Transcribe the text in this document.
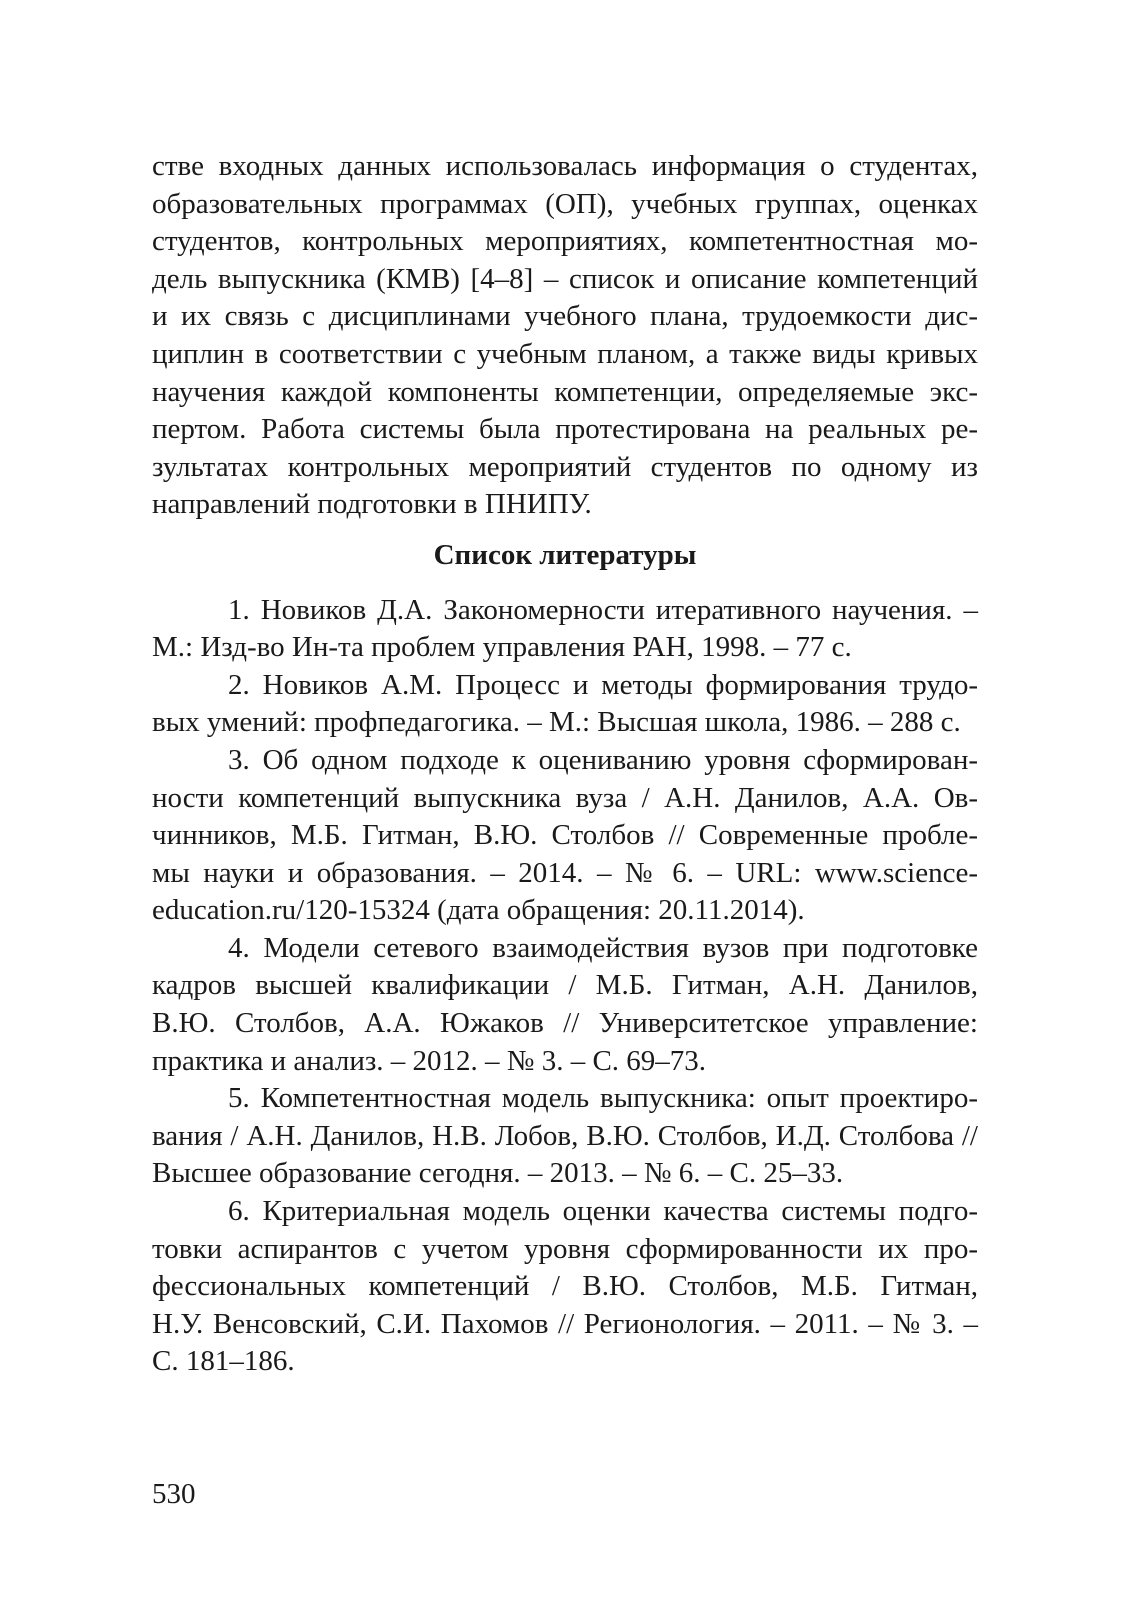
стве входных данных использовалась информация о студентах,
образовательных программах (ОП), учебных группах, оценках
студентов, контрольных мероприятиях, компетентностная мо-
дель выпускника (КМВ) [4–8] – список и описание компетенций
и их связь с дисциплинами учебного плана, трудоемкости дис-
циплин в соответствии с учебным планом, а также виды кривых
научения каждой компоненты компетенции, определяемые экс-
пертом. Работа системы была протестирована на реальных ре-
зультатах контрольных мероприятий студентов по одному из
направлений подготовки в ПНИПУ.
Список литературы
1. Новиков Д.А. Закономерности итеративного научения. –
М.: Изд-во Ин-та проблем управления РАН, 1998. – 77 с.
2. Новиков А.М. Процесс и методы формирования трудо-
вых умений: профпедагогика. – М.: Высшая школа, 1986. – 288 с.
3. Об одном подходе к оцениванию уровня сформирован-
ности компетенций выпускника вуза / А.Н. Данилов, А.А. Ов-
чинников, М.Б. Гитман, В.Ю. Столбов // Современные пробле-
мы науки и образования. – 2014. – № 6. – URL: www.science-
education.ru/120-15324 (дата обращения: 20.11.2014).
4. Модели сетевого взаимодействия вузов при подготовке
кадров высшей квалификации / М.Б. Гитман, А.Н. Данилов,
В.Ю. Столбов, А.А. Южаков // Университетское управление:
практика и анализ. – 2012. – № 3. – С. 69–73.
5. Компетентностная модель выпускника: опыт проектиро-
вания / А.Н. Данилов, Н.В. Лобов, В.Ю. Столбов, И.Д. Столбова //
Высшее образование сегодня. – 2013. – № 6. – С. 25–33.
6. Критериальная модель оценки качества системы подго-
товки аспирантов с учетом уровня сформированности их про-
фессиональных компетенций / В.Ю. Столбов, М.Б. Гитман,
Н.У. Венсовский, С.И. Пахомов // Регионология. – 2011. – № 3. –
С. 181–186.
530
